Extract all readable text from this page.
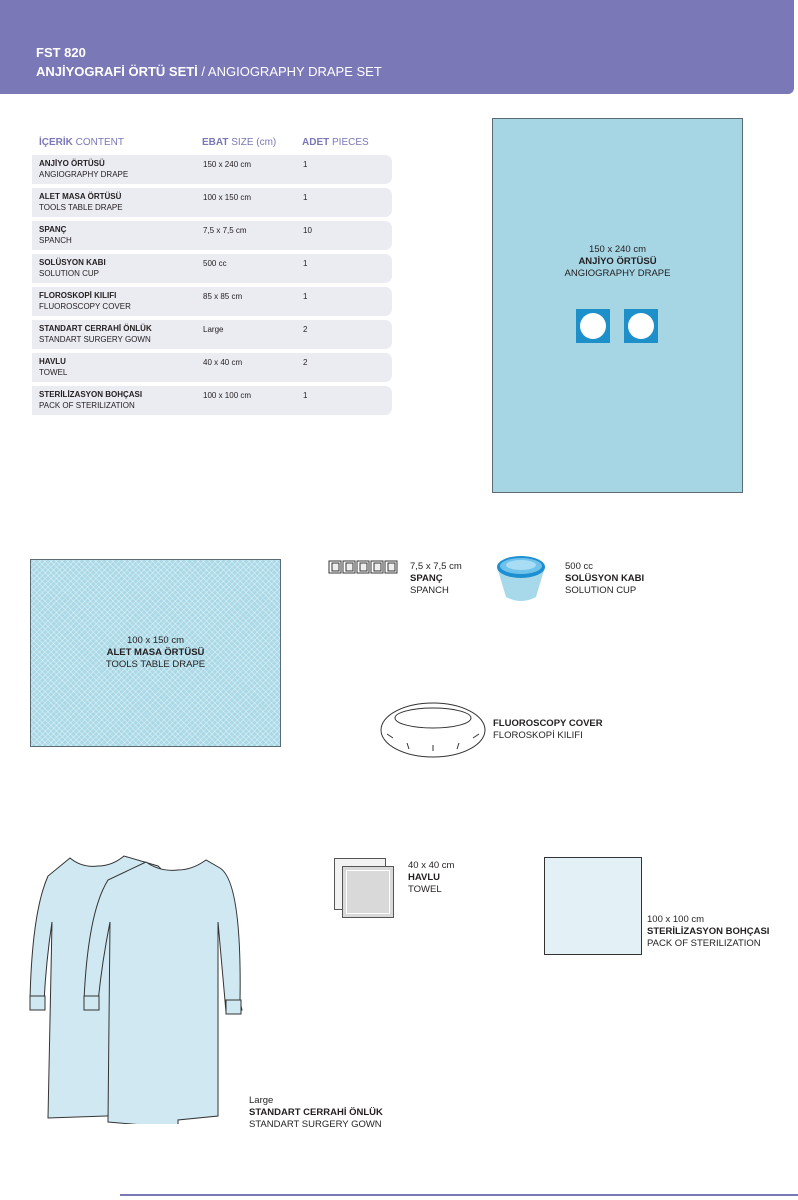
FST 820
ANJİYOGRAFİ ÖRTÜ SETİ / ANGIOGRAPHY DRAPE SET
İÇERİK CONTENT	EBAT SIZE (cm)	ADET PIECES
ANJİYO ÖRTÜSÜ
ANGIOGRAPHY DRAPE
150 x 240 cm	1
ALET MASA ÖRTÜSÜ
TOOLS TABLE DRAPE
100 x 150 cm	1
SPANÇ
SPANCH
7,5 x 7,5 cm	10
SOLÜSYON KABI
SOLUTION CUP
500 cc	1
FLOROSKOPİ KILIFI
FLUOROSCOPY COVER
85 x 85 cm	1
STANDART CERRAHİ ÖNLÜK
STANDART SURGERY GOWN
Large	2
HAVLU
TOWEL
40 x 40 cm	2
STERİLİZASYON BOHÇASI
PACK OF STERILIZATION
100 x 100 cm	1
150 x 240 cm
ANJİYO ÖRTÜSÜ
ANGIOGRAPHY DRAPE
100 x 150 cm
ALET MASA ÖRTÜSÜ
TOOLS TABLE DRAPE
7,5 x 7,5 cm
SPANÇ
SPANCH
500 cc
SOLÜSYON KABI
SOLUTION CUP
FLUOROSCOPY COVER
FLOROSKOPİ KILIFI
40 x 40 cm
HAVLU
TOWEL
100 x 100 cm
STERİLİZASYON BOHÇASI
PACK OF STERILIZATION
Large
STANDART CERRAHİ ÖNLÜK
STANDART SURGERY GOWN
